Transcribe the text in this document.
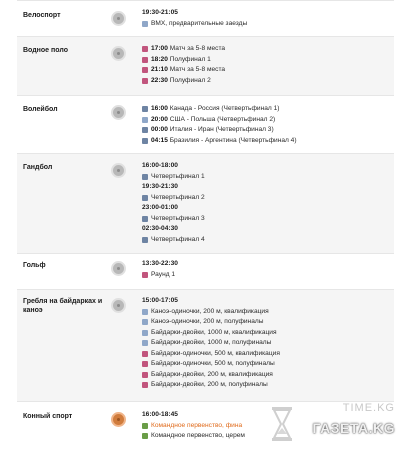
Велоспорт	19:30-21:05
BMX, предварительные заезды
Водное поло	17:00 Матч за 5-8 места
18:20 Полуфинал 1
21:10 Матч за 5-8 места
22:30 Полуфинал 2
Волейбол	16:00 Канада - Россия (Четвертьфинал 1)
20:00 США - Польша (Четвертьфинал 2)
00:00 Италия - Иран (Четвертьфинал 3)
04:15 Бразилия - Аргентина (Четвертьфинал 4)
Гандбол	16:00-18:00
Четвертьфинал 1
19:30-21:30
Четвертьфинал 2
23:00-01:00
Четвертьфинал 3
02:30-04:30
Четвертьфинал 4
Гольф	13:30-22:30
Раунд 1
Гребля на байдарках и каноэ
15:00-17:05
Каноэ-одиночки, 200 м, квалификация
Каноэ-одиночки, 200 м, полуфиналы
Байдарки-двойки, 1000 м, квалификация
Байдарки-двойки, 1000 м, полуфиналы
Байдарки-одиночки, 500 м, квалификация
Байдарки-одиночки, 500 м, полуфиналы
Байдарки-двойки, 200 м, квалификация
Байдарки-двойки, 200 м, полуфиналы
Конный спорт	16:00-18:45
Командное первенство, фина
Командное первенство, церем
TIME.KG
ГАЗЕТА.KG
